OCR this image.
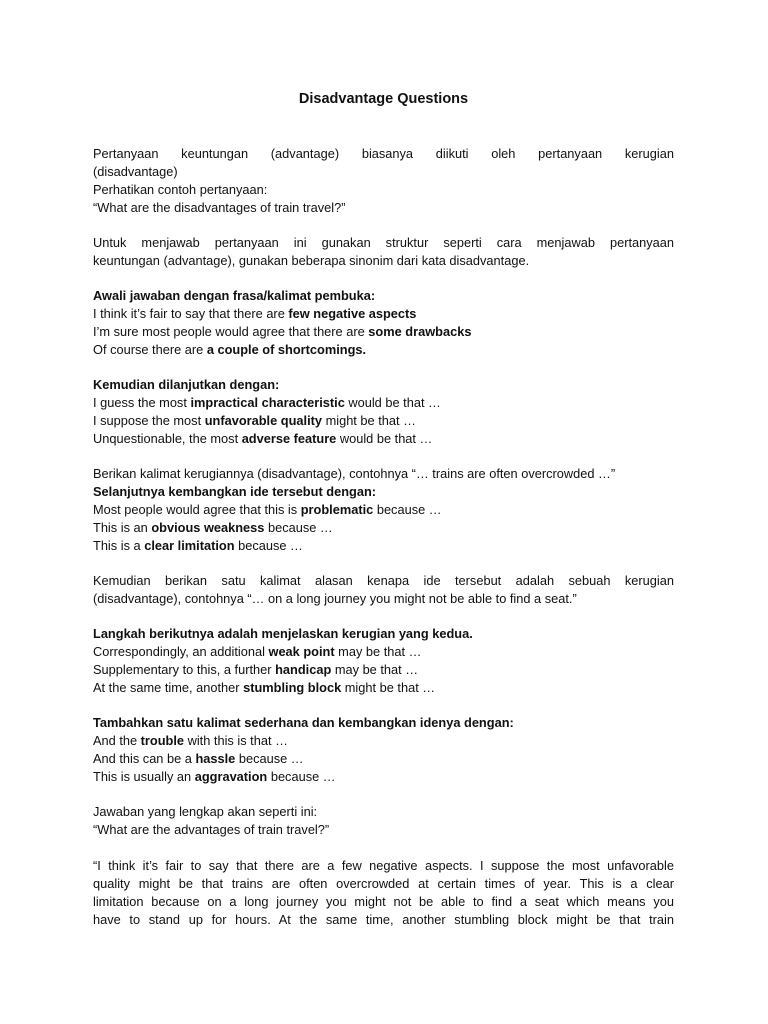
Disadvantage Questions
Pertanyaan keuntungan (advantage) biasanya diikuti oleh pertanyaan kerugian
(disadvantage)
Perhatikan contoh pertanyaan:
“What are the disadvantages of train travel?”
Untuk menjawab pertanyaan ini gunakan struktur seperti cara menjawab pertanyaan
keuntungan (advantage), gunakan beberapa sinonim dari kata disadvantage.
Awali jawaban dengan frasa/kalimat pembuka:
I think it’s fair to say that there are few negative aspects
I’m sure most people would agree that there are some drawbacks
Of course there are a couple of shortcomings.
Kemudian dilanjutkan dengan:
I guess the most impractical characteristic would be that …
I suppose the most unfavorable quality might be that …
Unquestionable, the most adverse feature would be that …
Berikan kalimat kerugiannya (disadvantage), contohnya “… trains are often overcrowded …”
Selanjutnya kembangkan ide tersebut dengan:
Most people would agree that this is problematic because …
This is an obvious weakness because …
This is a clear limitation because …
Kemudian berikan satu kalimat alasan kenapa ide tersebut adalah sebuah kerugian
(disadvantage), contohnya “… on a long journey you might not be able to find a seat.”
Langkah berikutnya adalah menjelaskan kerugian yang kedua.
Correspondingly, an additional weak point may be that …
Supplementary to this, a further handicap may be that …
At the same time, another stumbling block might be that …
Tambahkan satu kalimat sederhana dan kembangkan idenya dengan:
And the trouble with this is that …
And this can be a hassle because …
This is usually an aggravation because …
Jawaban yang lengkap akan seperti ini:
“What are the advantages of train travel?”
“I think it’s fair to say that there are a few negative aspects. I suppose the most unfavorable
quality might be that trains are often overcrowded at certain times of year. This is a clear
limitation because on a long journey you might not be able to find a seat which means you
have to stand up for hours. At the same time, another stumbling block might be that train
